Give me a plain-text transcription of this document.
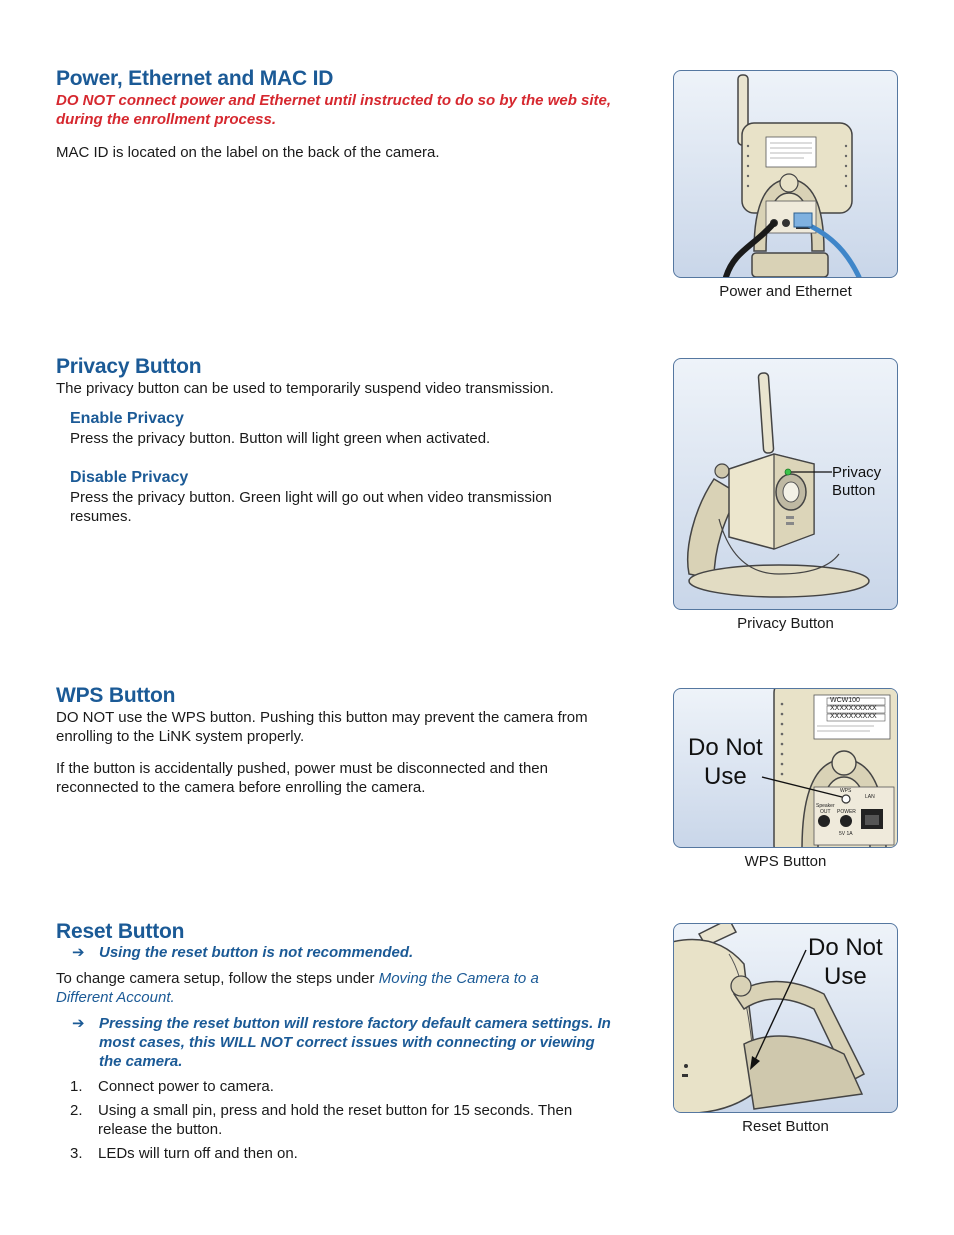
Power, Ethernet and MAC ID

DO NOT connect power and Ethernet until instructed to do so by the web site, during the enrollment process.

MAC ID is located on the label on the back of the camera.

Power and Ethernet
Privacy Button

The privacy button can be used to temporarily suspend video transmission.

Enable Privacy

Press the privacy button. Button will light green when activated.

Disable Privacy

Press the privacy button. Green light will go out when video transmission resumes.

Privacy
Button
Privacy Button
WPS Button

DO NOT use the WPS button. Pushing this button may prevent the camera from enrolling to the LiNK system properly.

If the button is accidentally pushed, power must be disconnected and then reconnected to the camera before enrolling the camera.

WCW100
XXXXXXXXXX
XXXXXXXXXX
WPS
LAN
Speaker
OUT POWER
5V 1A
Do Not
Use
WPS Button
Reset Button
➔ Using the reset button is not recommended.

To change camera setup, follow the steps under Moving the Camera to a Different Account.

➔ Pressing the reset button will restore factory default camera settings. In most cases, this WILL NOT correct issues with connecting or viewing the camera.

1. Connect power to camera.
2. Using a small pin, press and hold the reset button for 15 seconds. Then release the button.
3. LEDs will turn off and then on.
Do Not
Use
Reset Button
